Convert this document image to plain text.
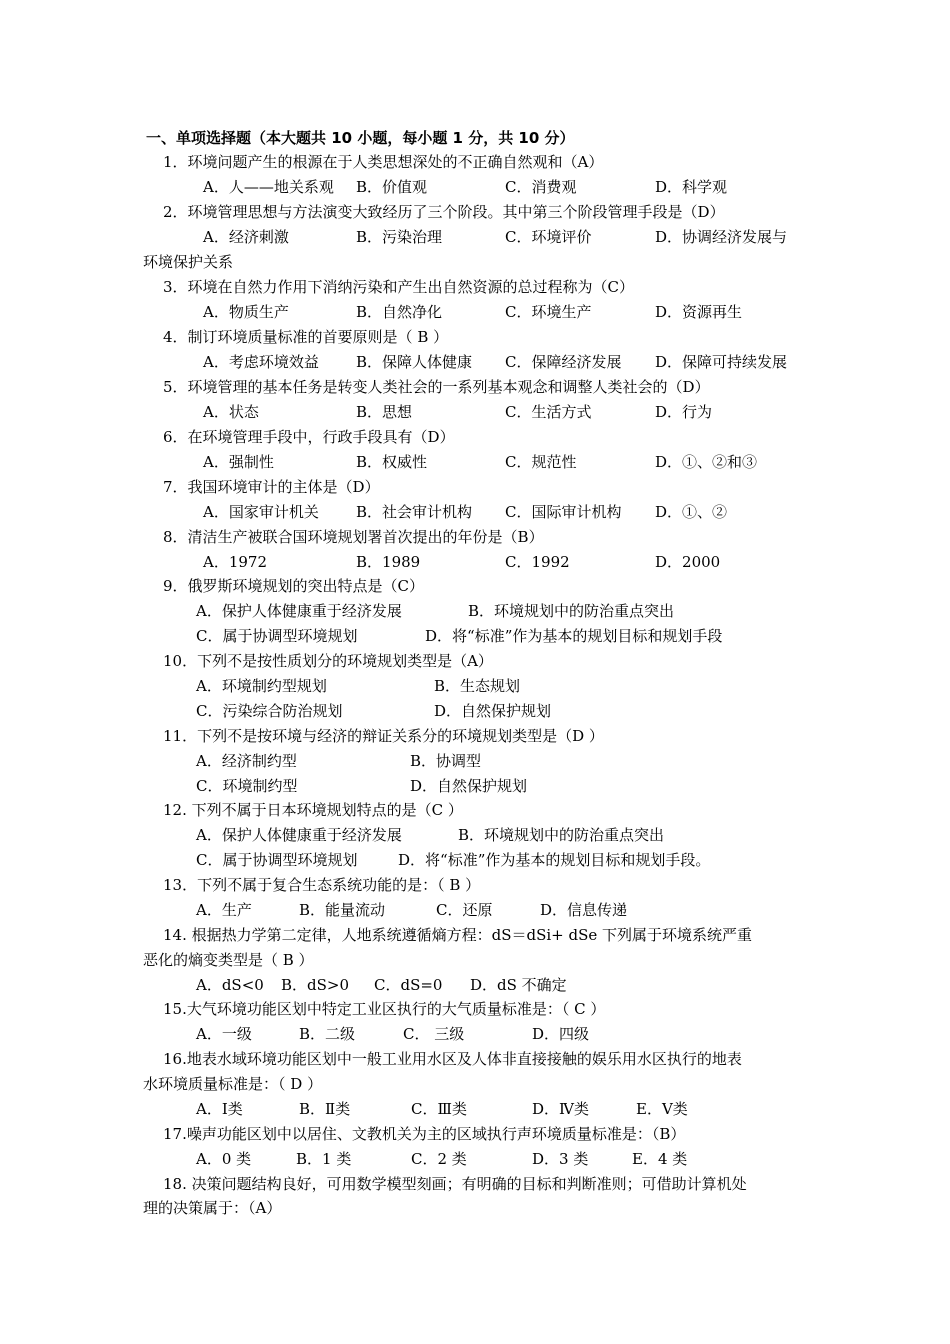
一、单项选择题（本大题共 10 小题，每小题 1 分，共 10 分）
1．环境问题产生的根源在于人类思想深处的不正确自然观和（A）
A．人——地关系观 B．价值观	C．消费观	D．科学观
2．环境管理思想与方法演变大致经历了三个阶段。其中第三个阶段管理手段是（D）
A．经济刺激	B．污染治理	C．环境评价	D．协调经济发展与
环境保护关系
3．环境在自然力作用下消纳污染和产生出自然资源的总过程称为（C）
A．物质生产	B．自然净化	C．环境生产	D．资源再生
4．制订环境质量标准的首要原则是（ B ）
A．考虑环境效益 B．保障人体健康 C．保障经济发展 D．保障可持续发展
5．环境管理的基本任务是转变人类社会的一系列基本观念和调整人类社会的（D）
A．状态	B．思想	C．生活方式	D．行为
6．在环境管理手段中，行政手段具有（D）
A．强制性	B．权威性	C．规范性	D．①、②和③
7．我国环境审计的主体是（D）
A．国家审计机关 B．社会审计机构 C．国际审计机构 D．①、②
8．清洁生产被联合国环境规划署首次提出的年份是（B）
A．1972	B．1989	C．1992	D．2000
9．俄罗斯环境规划的突出特点是（C）
A．保护人体健康重于经济发展	B．环境规划中的防治重点突出
C．属于协调型环境规划	D．将“标准”作为基本的规划目标和规划手段
10．下列不是按性质划分的环境规划类型是（A）
A．环境制约型规划	B．生态规划
C．污染综合防治规划	D．自然保护规划
11．下列不是按环境与经济的辩证关系分的环境规划类型是（D ）
A．经济制约型	B．协调型
C．环境制约型	D．自然保护规划
12. 下列不属于日本环境规划特点的是（C ）
A．保护人体健康重于经济发展	B．环境规划中的防治重点突出
C．属于协调型环境规划	D．将“标准”作为基本的规划目标和规划手段。
13．下列不属于复合生态系统功能的是：（ B ）
A．生产	B．能量流动	C．还原	D．信息传递
14. 根据热力学第二定律，人地系统遵循熵方程：dS＝dSi+ dSe 下列属于环境系统严重
恶化的熵变类型是（ B ）
A．dS<0 B．dS>0 C．dS=0 D．dS 不确定
15.大气环境功能区划中特定工业区执行的大气质量标准是：（ C ）
A．一级	B．二级	C． 三级	D．四级
16.地表水域环境功能区划中一般工业用水区及人体非直接接触的娱乐用水区执行的地表
水环境质量标准是：（ D ）
A．Ⅰ类	B．Ⅱ类	C．Ⅲ类	D．Ⅳ类	E．Ⅴ类
17.噪声功能区划中以居住、文教机关为主的区域执行声环境质量标准是：（B）
A．0 类	B．1 类	C．2 类	D．3 类	E．4 类
18. 决策问题结构良好，可用数学模型刻画；有明确的目标和判断准则；可借助计算机处
理的决策属于：（A）
